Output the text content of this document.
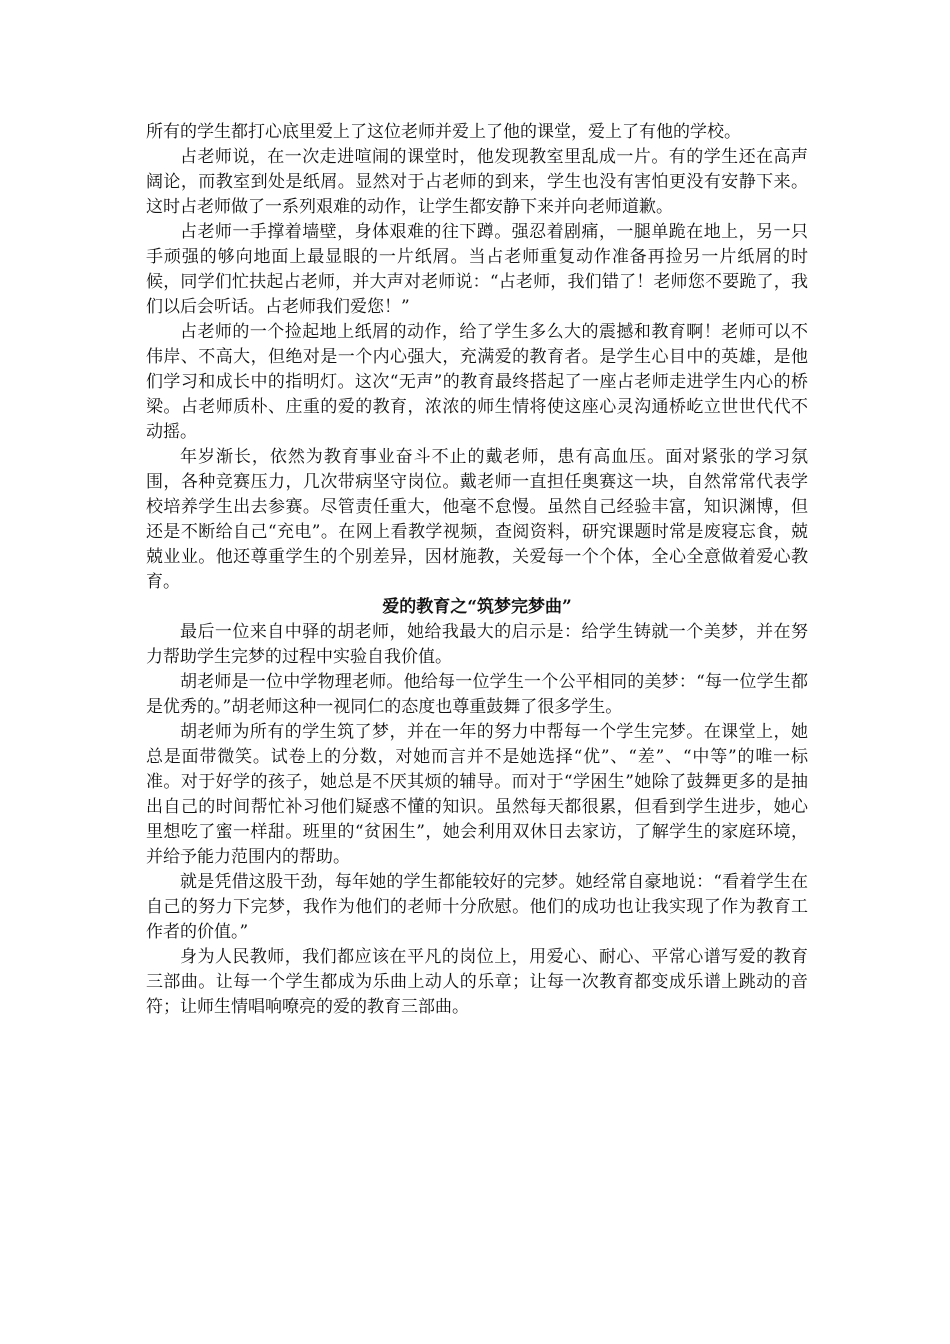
所有的学生都打心底里爱上了这位老师并爱上了他的课堂，爱上了有他的学校。

占老师说，在一次走进喧闹的课堂时，他发现教室里乱成一片。有的学生还在高声阔论，而教室到处是纸屑。显然对于占老师的到来，学生也没有害怕更没有安静下来。这时占老师做了一系列艰难的动作，让学生都安静下来并向老师道歉。

占老师一手撑着墙壁，身体艰难的往下蹲。强忍着剧痛，一腿单跪在地上，另一只手顽强的够向地面上最显眼的一片纸屑。当占老师重复动作准备再捡另一片纸屑的时候，同学们忙扶起占老师，并大声对老师说：“占老师，我们错了！老师您不要跪了，我们以后会听话。占老师我们爱您！”

占老师的一个捡起地上纸屑的动作，给了学生多么大的震撼和教育啊！老师可以不伟岸、不高大，但绝对是一个内心强大，充满爱的教育者。是学生心目中的英雄，是他们学习和成长中的指明灯。这次“无声”的教育最终搭起了一座占老师走进学生内心的桥梁。占老师质朴、庄重的爱的教育，浓浓的师生情将使这座心灵沟通桥屹立世世代代不动摇。

年岁渐长，依然为教育事业奋斗不止的戴老师，患有高血压。面对紧张的学习氛围，各种竞赛压力，几次带病坚守岗位。戴老师一直担任奥赛这一块，自然常常代表学校培养学生出去参赛。尽管责任重大，他毫不怠慢。虽然自己经验丰富，知识渊博，但还是不断给自己“充电”。在网上看教学视频，查阅资料，研究课题时常是废寝忘食，兢兢业业。他还尊重学生的个别差异，因材施教，关爱每一个个体，全心全意做着爱心教育。

爱的教育之“筑梦完梦曲”

最后一位来自中驿的胡老师，她给我最大的启示是：给学生铸就一个美梦，并在努力帮助学生完梦的过程中实验自我价值。

胡老师是一位中学物理老师。他给每一位学生一个公平相同的美梦：“每一位学生都是优秀的。”胡老师这种一视同仁的态度也尊重鼓舞了很多学生。

胡老师为所有的学生筑了梦，并在一年的努力中帮每一个学生完梦。在课堂上，她总是面带微笑。试卷上的分数，对她而言并不是她选择“优”、“差”、“中等”的唯一标准。对于好学的孩子，她总是不厌其烦的辅导。而对于“学困生”她除了鼓舞更多的是抽出自己的时间帮忙补习他们疑惑不懂的知识。虽然每天都很累，但看到学生进步，她心里想吃了蜜一样甜。班里的“贫困生”，她会利用双休日去家访，了解学生的家庭环境，并给予能力范围内的帮助。

就是凭借这股干劲，每年她的学生都能较好的完梦。她经常自豪地说：“看着学生在自己的努力下完梦，我作为他们的老师十分欣慰。他们的成功也让我实现了作为教育工作者的价值。”

身为人民教师，我们都应该在平凡的岗位上，用爱心、耐心、平常心谱写爱的教育三部曲。让每一个学生都成为乐曲上动人的乐章；让每一次教育都变成乐谱上跳动的音符；让师生情唱响嘹亮的爱的教育三部曲。
